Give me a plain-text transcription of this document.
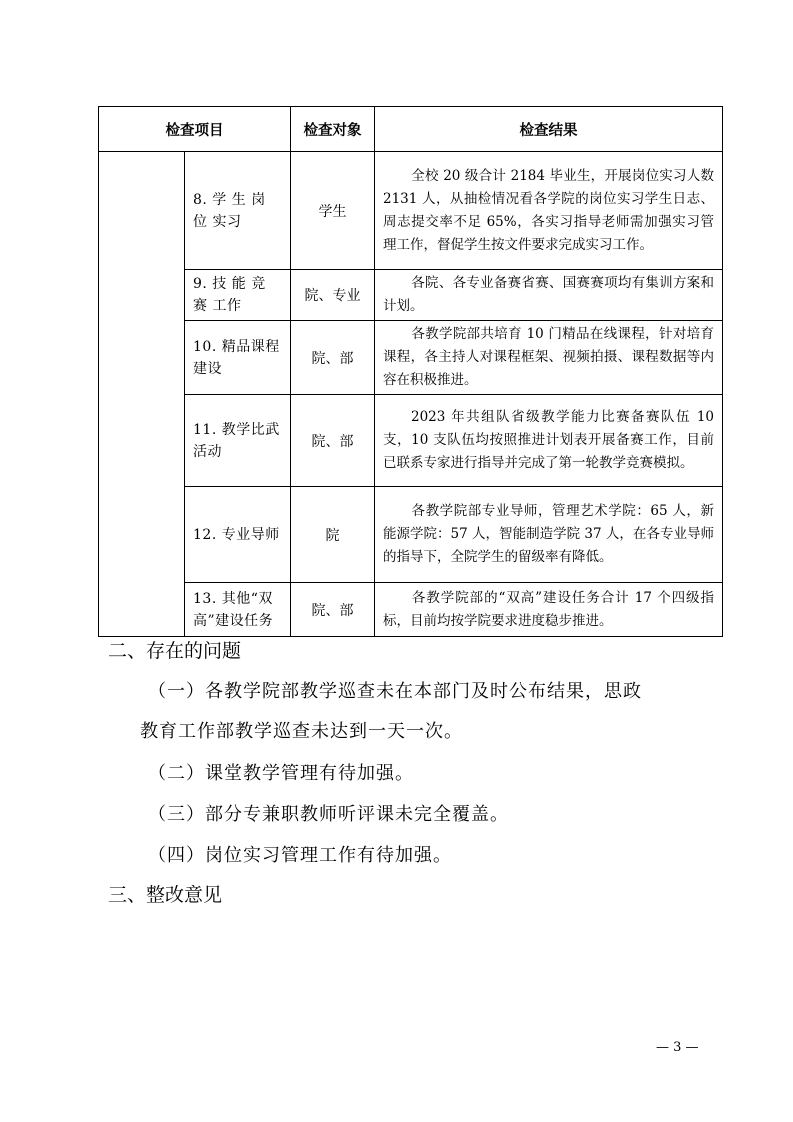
检查项目		检查对象	检查结果
	8. 学 生 岗 位 实习	学生	全校 20 级合计 2184 毕业生，开展岗位实习人数 2131 人，从抽检情况看各学院的岗位实习学生日志、周志提交率不足 65%，各实习指导老师需加强实习管理工作，督促学生按文件要求完成实习工作。
	9. 技 能 竞 赛 工作	院、专业	各院、各专业备赛省赛、国赛赛项均有集训方案和计划。
	10. 精品课程建设	院、部	各教学院部共培育 10 门精品在线课程，针对培育课程，各主持人对课程框架、视频拍摄、课程数据等内容在积极推进。
	11. 教学比武活动	院、部	2023 年共组队省级教学能力比赛备赛队伍 10 支，10 支队伍均按照推进计划表开展备赛工作，目前已联系专家进行指导并完成了第一轮教学竞赛模拟。
	12. 专业导师	院	各教学院部专业导师，管理艺术学院：65 人，新能源学院：57 人，智能制造学院 37 人，在各专业导师的指导下，全院学生的留级率有降低。
	13. 其他“双高”建设任务	院、部	各教学院部的“双高”建设任务合计 17 个四级指标，目前均按学院要求进度稳步推进。
二、存在的问题
（一）各教学院部教学巡查未在本部门及时公布结果，思政
教育工作部教学巡查未达到一天一次。
（二）课堂教学管理有待加强。
（三）部分专兼职教师听评课未完全覆盖。
（四）岗位实习管理工作有待加强。
三、整改意见
— 3 —
